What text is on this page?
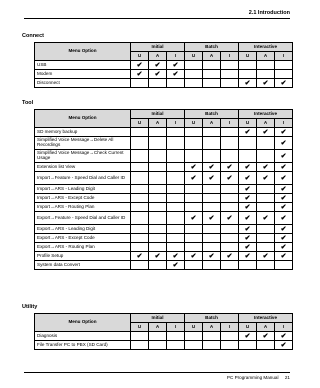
2.1 Introduction
Connect
Menu Option	Initial			Batch			Interactive		
	U	A	I	U	A	I	U	A	I
USB	✔	✔	✔						
Modem	✔	✔	✔						
Disconnect							✔	✔	✔
Tool
Menu Option	Initial			Batch			Interactive		
	U	A	I	U	A	I	U	A	I
SD memory backup							✔	✔	✔
Simplified Voice Message→Delete All Recordings									✔
Simplified Voice Message→Check Current Usage									✔
Extension list View				✔	✔	✔	✔	✔	✔
Import→Feature - Speed Dial and Caller ID				✔	✔	✔	✔	✔	✔
Import→ARS - Leading Digit							✔		✔
Import→ARS - Except Code							✔		✔
Import→ARS - Routing Plan							✔		✔
Export→Feature - Speed Dial and Caller ID				✔	✔	✔	✔	✔	✔
Export→ARS - Leading Digit							✔		✔
Export→ARS - Except Code							✔		✔
Export→ARS - Routing Plan							✔		✔
Profile Setup	✔	✔	✔	✔	✔	✔	✔	✔	✔
System data Convert			✔						
Utility
Menu Option	Initial			Batch			Interactive		
	U	A	I	U	A	I	U	A	I
Diagnosis							✔	✔	✔
File Transfer PC to PBX (SD Card)									✔
PC Programming Manual 21
